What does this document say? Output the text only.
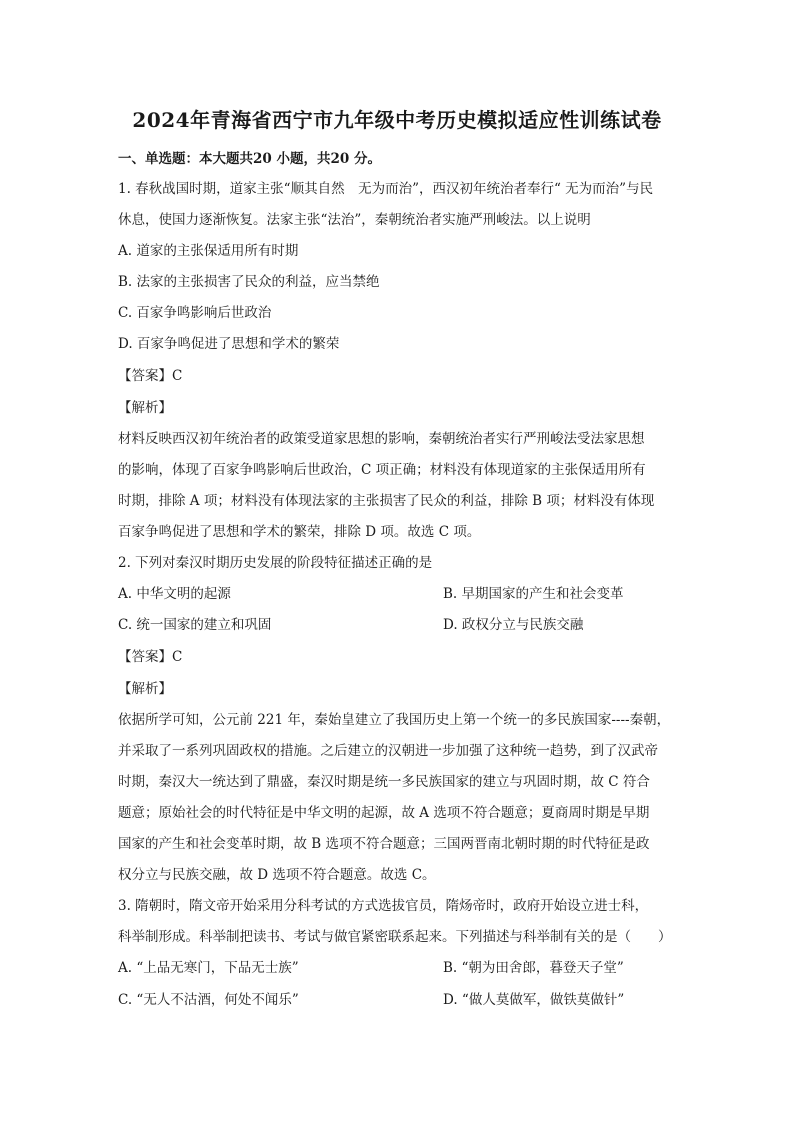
2024年青海省西宁市九年级中考历史模拟适应性训练试卷
一、单选题：本大题共20 小题，共20 分。
1. 春秋战国时期，道家主张“顺其自然　无为而治”，西汉初年统治者奉行“ 无为而治”与民
休息，使国力逐渐恢复。法家主张“法治”，秦朝统治者实施严刑峻法。以上说明
A. 道家的主张保适用所有时期
B. 法家的主张损害了民众的利益，应当禁绝
C. 百家争鸣影响后世政治
D. 百家争鸣促进了思想和学术的繁荣
【答案】C
【解析】
材料反映西汉初年统治者的政策受道家思想的影响，秦朝统治者实行严刑峻法受法家思想
的影响，体现了百家争鸣影响后世政治，C 项正确；材料没有体现道家的主张保适用所有
时期，排除 A 项；材料没有体现法家的主张损害了民众的利益，排除 B 项；材料没有体现
百家争鸣促进了思想和学术的繁荣，排除 D 项。故选 C 项。
2. 下列对秦汉时期历史发展的阶段特征描述正确的是
A. 中华文明的起源	B. 早期国家的产生和社会变革
C. 统一国家的建立和巩固	D. 政权分立与民族交融
【答案】C
【解析】
依据所学可知，公元前 221 年，秦始皇建立了我国历史上第一个统一的多民族国家----秦朝，
并采取了一系列巩固政权的措施。之后建立的汉朝进一步加强了这种统一趋势，到了汉武帝
时期，秦汉大一统达到了鼎盛，秦汉时期是统一多民族国家的建立与巩固时期，故 C 符合
题意；原始社会的时代特征是中华文明的起源，故 A 选项不符合题意；夏商周时期是早期
国家的产生和社会变革时期，故 B 选项不符合题意；三国两晋南北朝时期的时代特征是政
权分立与民族交融，故 D 选项不符合题意。故选 C。
3. 隋朝时，隋文帝开始采用分科考试的方式选拔官员，隋炀帝时，政府开始设立进士科，
科举制形成。科举制把读书、考试与做官紧密联系起来。下列描述与科举制有关的是（　　）
A. “上品无寒门，下品无士族”	B. “朝为田舍郎，暮登天子堂”
C. “无人不沽酒，何处不闻乐”	D. “做人莫做军，做铁莫做针”
